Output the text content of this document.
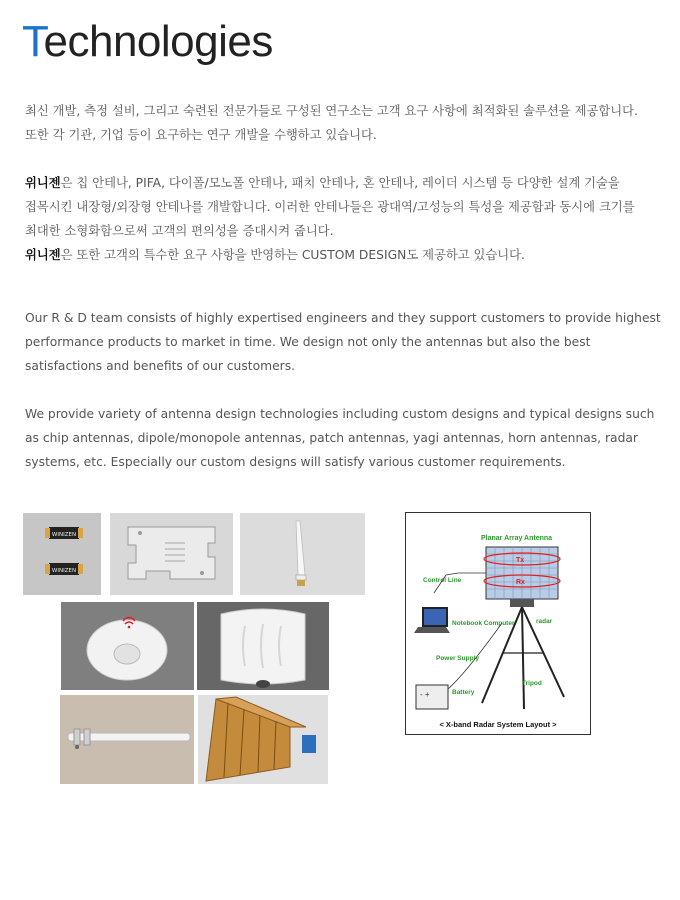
Technologies

최신 개발, 측정 설비, 그리고 숙련된 전문가들로 구성된 연구소는 고객 요구 사항에 최적화된 솔루션을 제공합니다.

또한 각 기관, 기업 등이 요구하는 연구 개발을 수행하고 있습니다.

위니젠은 칩 안테나, PIFA, 다이폴/모노폴 안테나, 패치 안테나, 혼 안테나, 레이더 시스템 등 다양한 설계 기술을

접목시킨 내장형/외장형 안테나를 개발합니다. 이러한 안테나들은 광대역/고성능의 특성을 제공함과 동시에 크기를

최대한 소형화함으로써 고객의 편의성을 증대시켜 줍니다.

위니젠은 또한 고객의 특수한 요구 사항을 반영하는 CUSTOM DESIGN도 제공하고 있습니다.

Our R & D team consists of highly expertised engineers and they support customers to provide highest performance products to market in time. We design not only the antennas but also the best satisfactions and benefits of our customers.
We provide variety of antenna design technologies including custom designs and typical designs such as chip antennas, dipole/monopole antennas, patch antennas, yagi antennas, horn antennas, radar systems, etc. Especially our custom designs will satisfy various customer requirements.
WINIZEN
WINIZEN
Planar Array Antenna
Tx
Rx
Control Line
Notebook Computer	radar
Power Supply
- +	Battery
Tripod
< X-band Radar System Layout >
